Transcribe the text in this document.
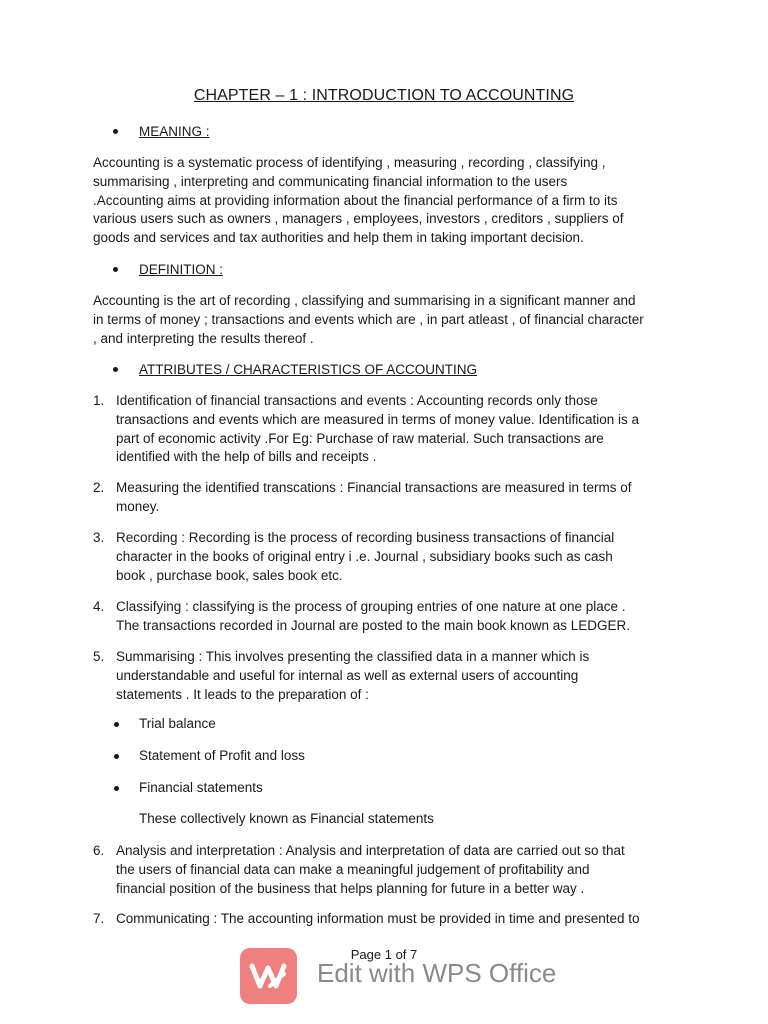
CHAPTER – 1 : INTRODUCTION TO ACCOUNTING
MEANING :
Accounting is a systematic process of identifying , measuring , recording , classifying ,
summarising , interpreting and communicating financial information to the users
.Accounting aims at providing information about the financial performance of a firm to its
various users such as owners , managers , employees, investors , creditors , suppliers of
goods and services and tax authorities and help them in taking important decision.
DEFINITION :
Accounting is the art of recording , classifying and summarising in a significant manner and
in terms of money ; transactions and events which are , in part atleast , of financial character
, and interpreting the results thereof .
ATTRIBUTES / CHARACTERISTICS OF ACCOUNTING
1. Identification of financial transactions and events : Accounting records only those
transactions and events which are measured in terms of money value. Identification is a
part of economic activity .For Eg: Purchase of raw material. Such transactions are
identified with the help of bills and receipts .
2. Measuring the identified transcations : Financial transactions are measured in terms of
money.
3. Recording : Recording is the process of recording business transactions of financial
character in the books of original entry i .e. Journal , subsidiary books such as cash
book , purchase book, sales book etc.
4. Classifying : classifying is the process of grouping entries of one nature at one place .
The transactions recorded in Journal are posted to the main book known as LEDGER.
5. Summarising : This involves presenting the classified data in a manner which is
understandable and useful for internal as well as external users of accounting
statements . It leads to the preparation of :
Trial balance
Statement of Profit and loss
Financial statements
These collectively known as Financial statements
6. Analysis and interpretation : Analysis and interpretation of data are carried out so that
the users of financial data can make a meaningful judgement of profitability and
financial position of the business that helps planning for future in a better way .
7. Communicating : The accounting information must be provided in time and presented to
Page 1 of 7
Edit with WPS Office
